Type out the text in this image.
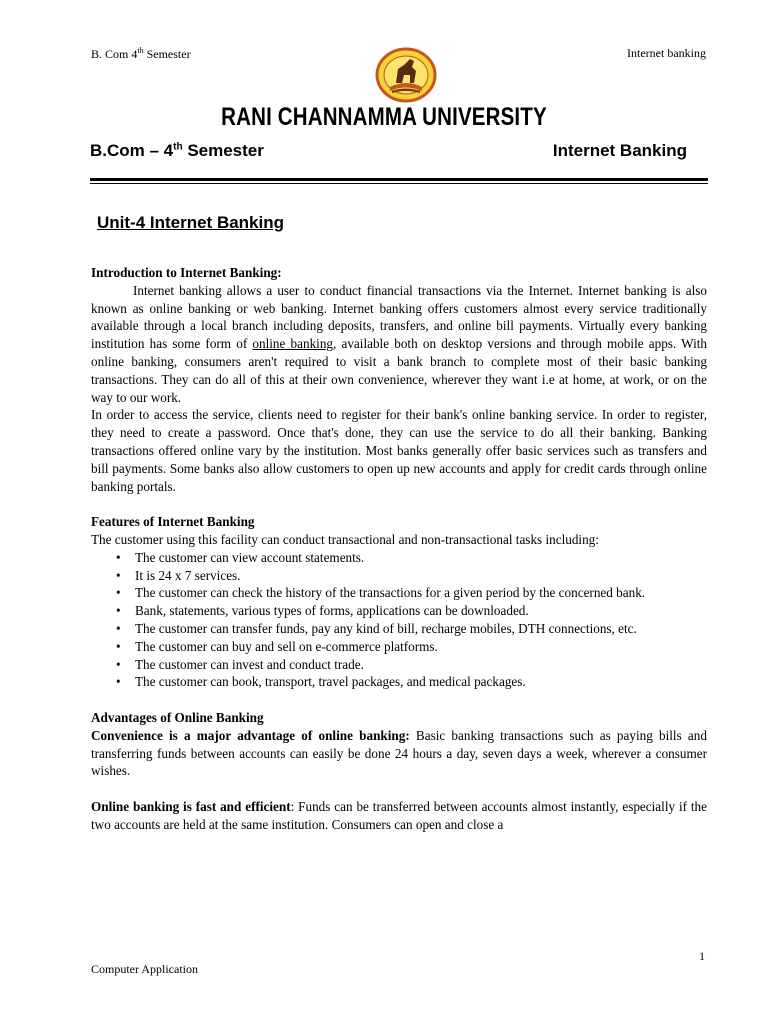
B. Com 4th Semester	Internet banking
RANI CHANNAMMA UNIVERSITY
B.Com – 4th Semester	Internet Banking
Unit-4 Internet Banking

Introduction to Internet Banking:

Internet banking allows a user to conduct financial transactions via the Internet. Internet banking is also known as online banking or web banking. Internet banking offers customers almost every service traditionally available through a local branch including deposits, transfers, and online bill payments. Virtually every banking institution has some form of online banking, available both on desktop versions and through mobile apps. With online banking, consumers aren't required to visit a bank branch to complete most of their basic banking transactions. They can do all of this at their own convenience, wherever they want i.e at home, at work, or on the way to our work.

In order to access the service, clients need to register for their bank's online banking service. In order to register, they need to create a password. Once that's done, they can use the service to do all their banking. Banking transactions offered online vary by the institution. Most banks generally offer basic services such as transfers and bill payments. Some banks also allow customers to open up new accounts and apply for credit cards through online banking portals.

Features of Internet Banking

The customer using this facility can conduct transactional and non-transactional tasks including:

• The customer can view account statements.
• It is 24 x 7 services.
• The customer can check the history of the transactions for a given period by the concerned bank.
• Bank, statements, various types of forms, applications can be downloaded.
• The customer can transfer funds, pay any kind of bill, recharge mobiles, DTH connections, etc.
• The customer can buy and sell on e-commerce platforms.
• The customer can invest and conduct trade.
• The customer can book, transport, travel packages, and medical packages.

Advantages of Online Banking

Convenience is a major advantage of online banking: Basic banking transactions such as paying bills and transferring funds between accounts can easily be done 24 hours a day, seven days a week, wherever a consumer wishes.

Online banking is fast and efficient: Funds can be transferred between accounts almost instantly, especially if the two accounts are held at the same institution. Consumers can open and close a

1
Computer Application
